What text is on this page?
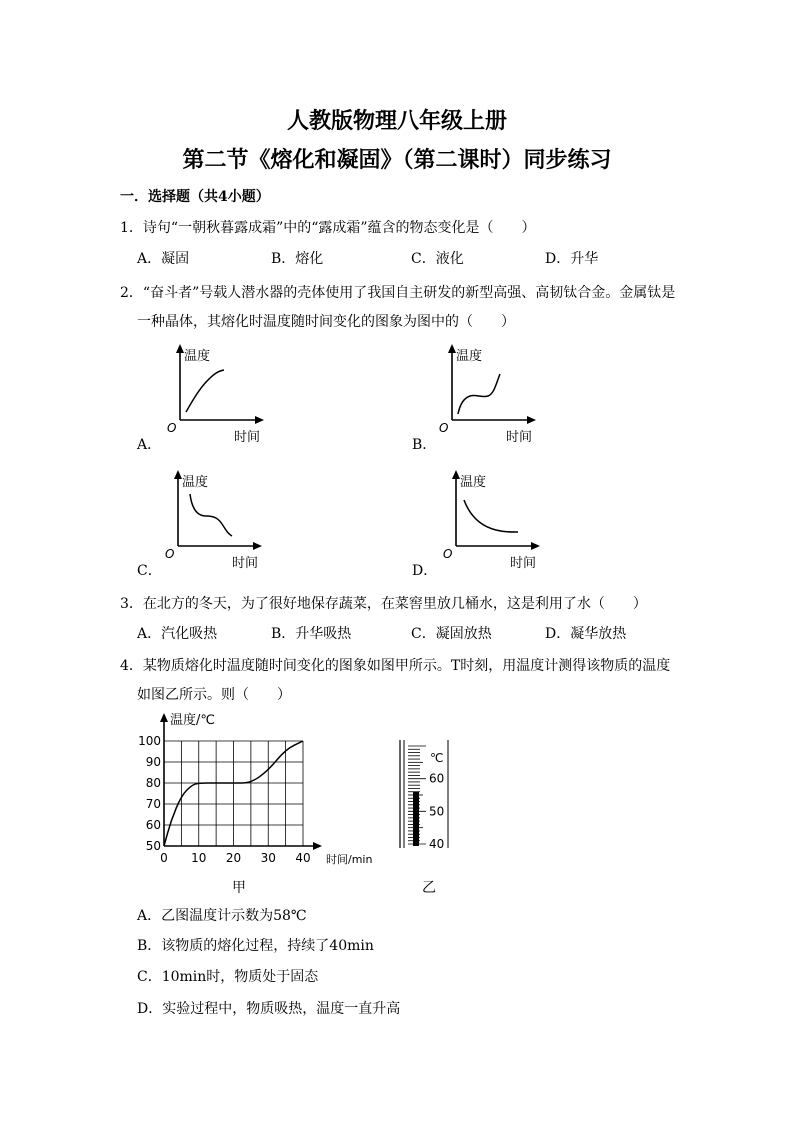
人教版物理八年级上册
第二节《熔化和凝固》（第二课时）同步练习
一．选择题（共4小题）
1．诗句“一朝秋暮露成霜”中的“露成霜”蕴含的物态变化是（　　）
A．凝固	B．熔化	C．液化	D．升华
2．“奋斗者”号载人潜水器的壳体使用了我国自主研发的新型高强、高韧钛合金。金属钛是
一种晶体，其熔化时温度随时间变化的图象为图中的（　　）
A．
温度
O
时间	B．
温度
O
时间
C．
温度
O
时间	D．
温度
O
时间
3．在北方的冬天，为了很好地保存蔬菜，在菜窖里放几桶水，这是利用了水（　　）
A．汽化吸热	B．升华吸热	C．凝固放热	D．凝华放热
4．某物质熔化时温度随时间变化的图象如图甲所示。T时刻，用温度计测得该物质的温度
如图乙所示。则（　　）
0 10 20 30 40
50
60
70
80
90
100
温度/℃
时间/min
甲
60
50
40
℃
乙
A．乙图温度计示数为58℃
B．该物质的熔化过程，持续了40min
C．10min时，物质处于固态
D．实验过程中，物质吸热，温度一直升高
